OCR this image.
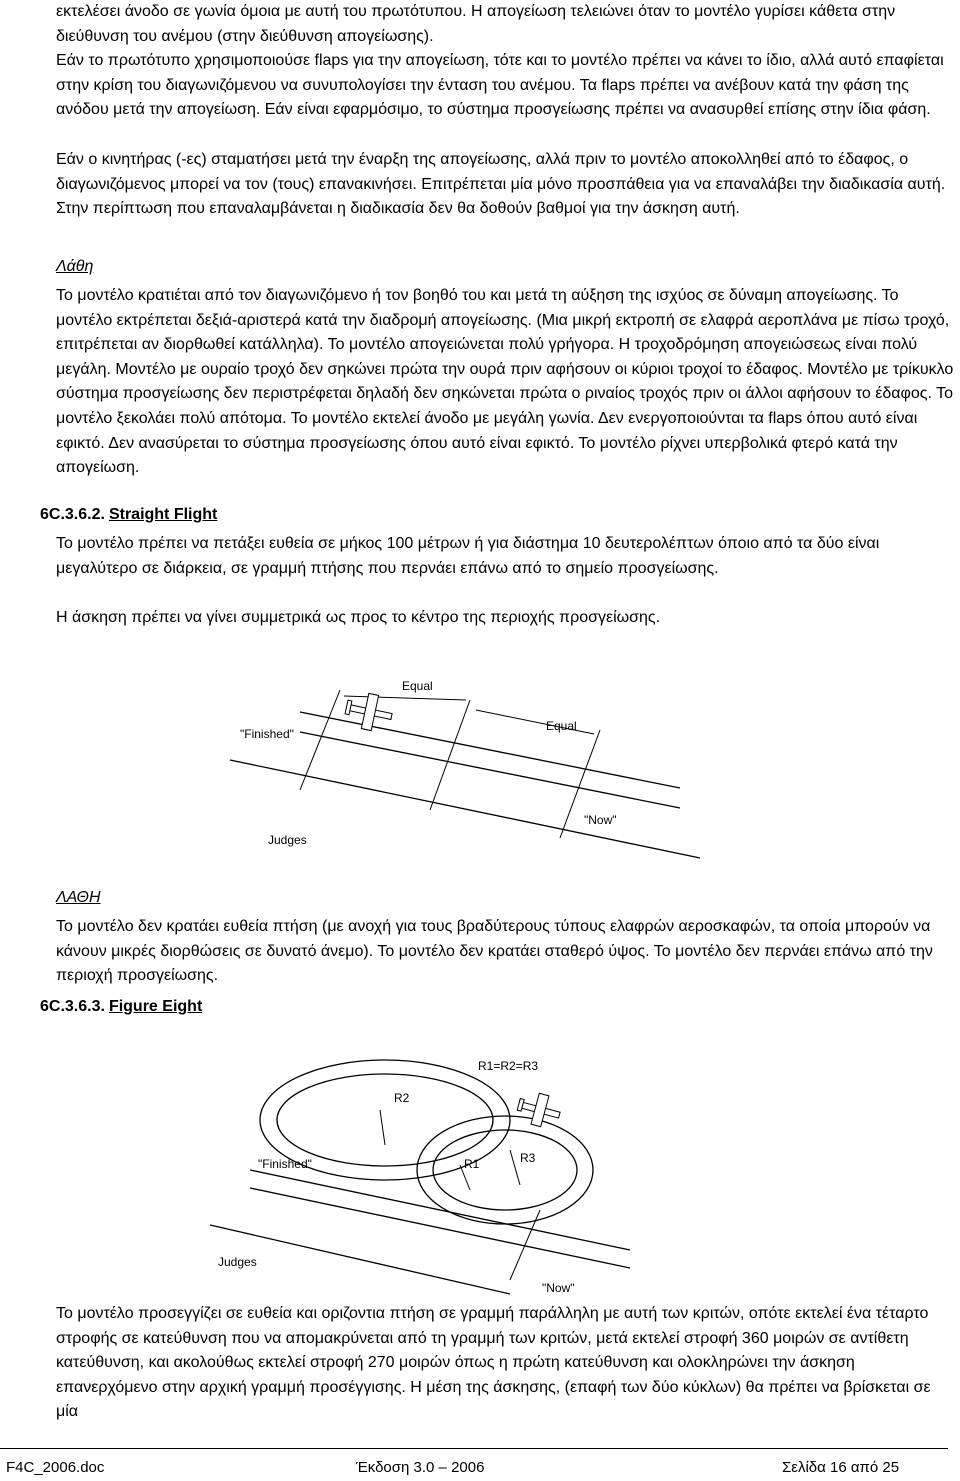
εκτελέσει άνοδο σε γωνία όμοια με αυτή του πρωτότυπου. Η απογείωση τελειώνει όταν το μοντέλο γυρίσει κάθετα στην διεύθυνση του ανέμου (στην διεύθυνση απογείωσης).

Εάν το πρωτότυπο χρησιμοποιούσε flaps για την απογείωση, τότε και το μοντέλο πρέπει να κάνει το ίδιο, αλλά αυτό επαφίεται στην κρίση του διαγωνιζόμενου να συνυπολογίσει την ένταση του ανέμου. Τα flaps πρέπει να ανέβουν κατά την φάση της ανόδου μετά την απογείωση. Εάν είναι εφαρμόσιμο, το σύστημα προσγείωσης πρέπει να ανασυρθεί επίσης στην ίδια φάση.

Εάν ο κινητήρας (-ες) σταματήσει μετά την έναρξη της απογείωσης, αλλά πριν το μοντέλο αποκολληθεί από το έδαφος, ο διαγωνιζόμενος μπορεί να τον (τους) επανακινήσει. Επιτρέπεται μία μόνο προσπάθεια για να επαναλάβει την διαδικασία αυτή. Στην περίπτωση που επαναλαμβάνεται η διαδικασία δεν θα δοθούν βαθμοί για την άσκηση αυτή.

Λάθη

Το μοντέλο κρατιέται από τον διαγωνιζόμενο ή τον βοηθό του και μετά τη αύξηση της ισχύος σε δύναμη απογείωσης. Το μοντέλο εκτρέπεται δεξιά-αριστερά κατά την διαδρομή απογείωσης. (Μια μικρή εκτροπή σε ελαφρά αεροπλάνα με πίσω τροχό, επιτρέπεται αν διορθωθεί κατάλληλα). Το μοντέλο απογειώνεται πολύ γρήγορα. Η τροχοδρόμηση απογειώσεως είναι πολύ μεγάλη. Μοντέλο με ουραίο τροχό δεν σηκώνει πρώτα την ουρά πριν αφήσουν οι κύριοι τροχοί το έδαφος. Μοντέλο με τρίκυκλο σύστημα προσγείωσης δεν περιστρέφεται δηλαδή δεν σηκώνεται πρώτα ο ριναίος τροχός πριν οι άλλοι αφήσουν το έδαφος. Το μοντέλο ξεκολάει πολύ απότομα. Το μοντέλο εκτελεί άνοδο με μεγάλη γωνία. Δεν ενεργοποιούνται τα flaps όπου αυτό είναι εφικτό. Δεν ανασύρεται το σύστημα προσγείωσης όπου αυτό είναι εφικτό. Το μοντέλο ρίχνει υπερβολικά φτερό κατά την απογείωση.

6C.3.6.2. Straight Flight

Το μοντέλο πρέπει να πετάξει ευθεία σε μήκος 100 μέτρων ή για διάστημα 10 δευτερολέπτων όποιο από τα δύο είναι μεγαλύτερο σε διάρκεια, σε γραμμή πτήσης που περνάει επάνω από το σημείο προσγείωσης.

Η άσκηση πρέπει να γίνει συμμετρικά ως προς το κέντρο της περιοχής προσγείωσης.

Equal
Equal
"Finished"
"Now"
Judges

ΛΑΘΗ

Το μοντέλο δεν κρατάει ευθεία πτήση (με ανοχή για τους βραδύτερους τύπους ελαφρών αεροσκαφών, τα οποία μπορούν να κάνουν μικρές διορθώσεις σε δυνατό άνεμο). Το μοντέλο δεν κρατάει σταθερό ύψος. Το μοντέλο δεν περνάει επάνω από την περιοχή προσγείωσης.

6C.3.6.3. Figure Eight

R1=R2=R3
R2
R1	R3
"Finished"
"Now"
Judges

Το μοντέλο προσεγγίζει σε ευθεία και οριζοντια πτήση σε γραμμή παράλληλη με αυτή των κριτών, οπότε εκτελεί ένα τέταρτο στροφής σε κατεύθυνση που να απομακρύνεται από τη γραμμή των κριτών, μετά εκτελεί στροφή 360 μοιρών σε αντίθετη κατεύθυνση, και ακολούθως εκτελεί στροφή 270 μοιρών όπως η πρώτη κατεύθυνση και ολοκληρώνει την άσκηση επανερχόμενο στην αρχική γραμμή προσέγγισης. Η μέση της άσκησης, (επαφή των δύο κύκλων) θα πρέπει να βρίσκεται σε μία

F4C_2006.doc	Έκδοση 3.0 – 2006	Σελίδα 16 από 25
